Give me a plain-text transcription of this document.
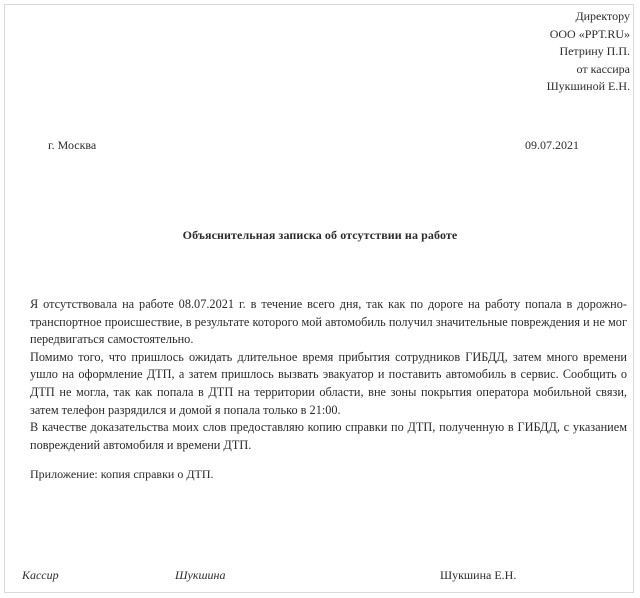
Директору
ООО «РРТ.RU»
Петрину П.П.
от кассира
Шукшиной Е.Н.
г. Москва	09.07.2021
Объяснительная записка об отсутствии на работе

Я отсутствовала на работе 08.07.2021 г. в течение всего дня, так как по дороге на работу попала в дорожно-транспортное происшествие, в результате которого мой автомобиль получил значительные повреждения и не мог передвигаться самостоятельно.

Помимо того, что пришлось ожидать длительное время прибытия сотрудников ГИБДД, затем много времени ушло на оформление ДТП, а затем пришлось вызвать эвакуатор и поставить автомобиль в сервис. Сообщить о ДТП не могла, так как попала в ДТП на территории области, вне зоны покрытия оператора мобильной связи, затем телефон разрядился и домой я попала только в 21:00.

В качестве доказательства моих слов предоставляю копию справки по ДТП, полученную в ГИБДД, с указанием повреждений автомобиля и времени ДТП.

Приложение: копия справки о ДТП.
Кассир	Шукшина	Шукшина Е.Н.
